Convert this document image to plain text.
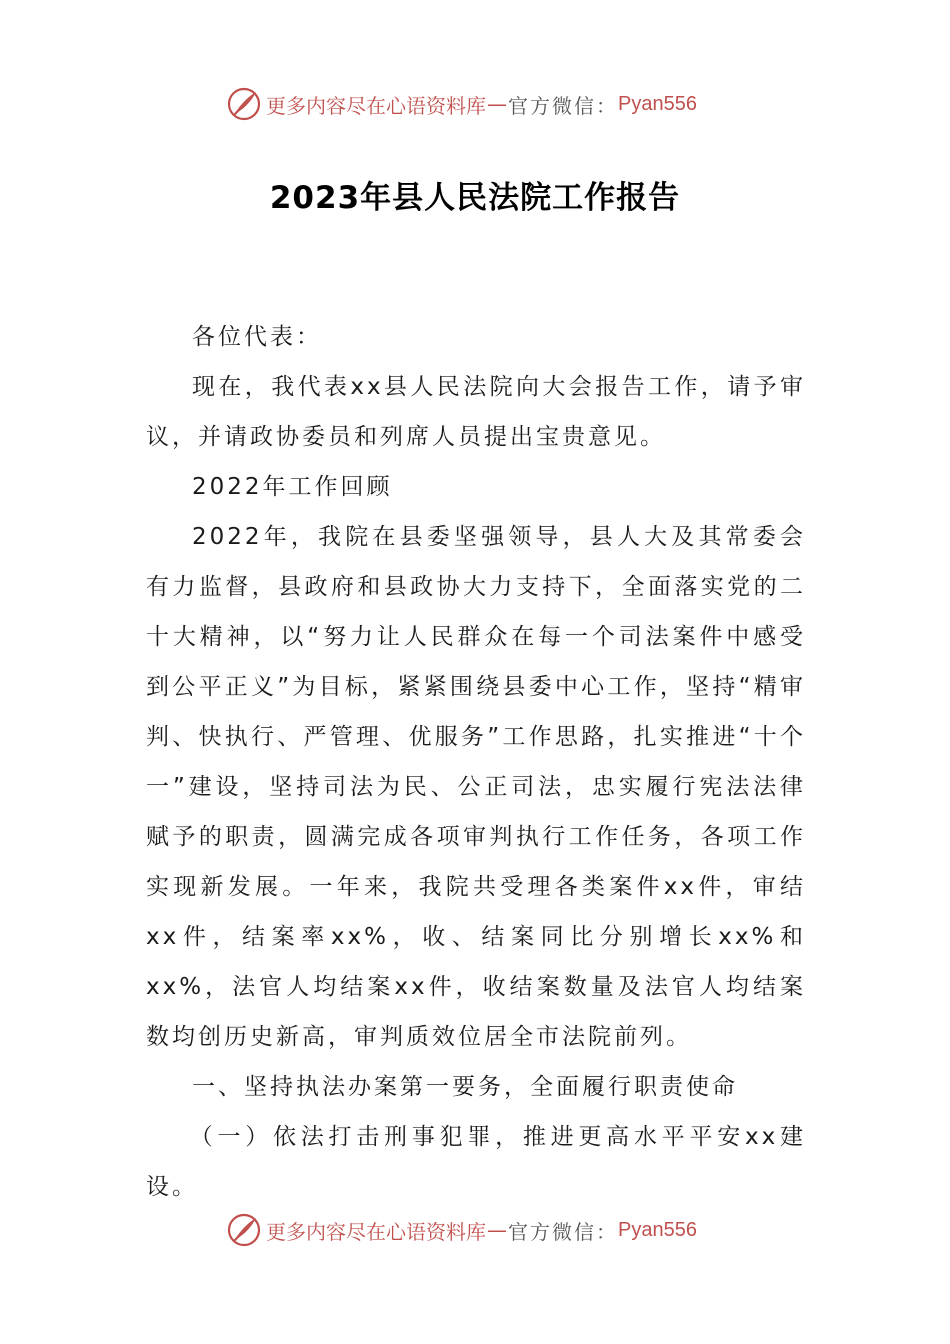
更多内容尽在心语资料库 — 官方微信： Pyan556
2023年县人民法院工作报告

各位代表：

现在，我代表xx县人民法院向大会报告工作，请予审议，并请政协委员和列席人员提出宝贵意见。

2022年工作回顾

2022年，我院在县委坚强领导，县人大及其常委会有力监督，县政府和县政协大力支持下，全面落实党的二十大精神，以“努力让人民群众在每一个司法案件中感受到公平正义”为目标，紧紧围绕县委中心工作，坚持“精审判、快执行、严管理、优服务”工作思路，扎实推进“十个一”建设，坚持司法为民、公正司法，忠实履行宪法法律赋予的职责，圆满完成各项审判执行工作任务，各项工作实现新发展。一年来，我院共受理各类案件xx件，审结xx件，结案率xx%，收、结案同比分别增长xx%和xx%，法官人均结案xx件，收结案数量及法官人均结案数均创历史新高，审判质效位居全市法院前列。

一、坚持执法办案第一要务，全面履行职责使命

（一）依法打击刑事犯罪，推进更高水平平安xx建设。

更多内容尽在心语资料库 — 官方微信： Pyan556
